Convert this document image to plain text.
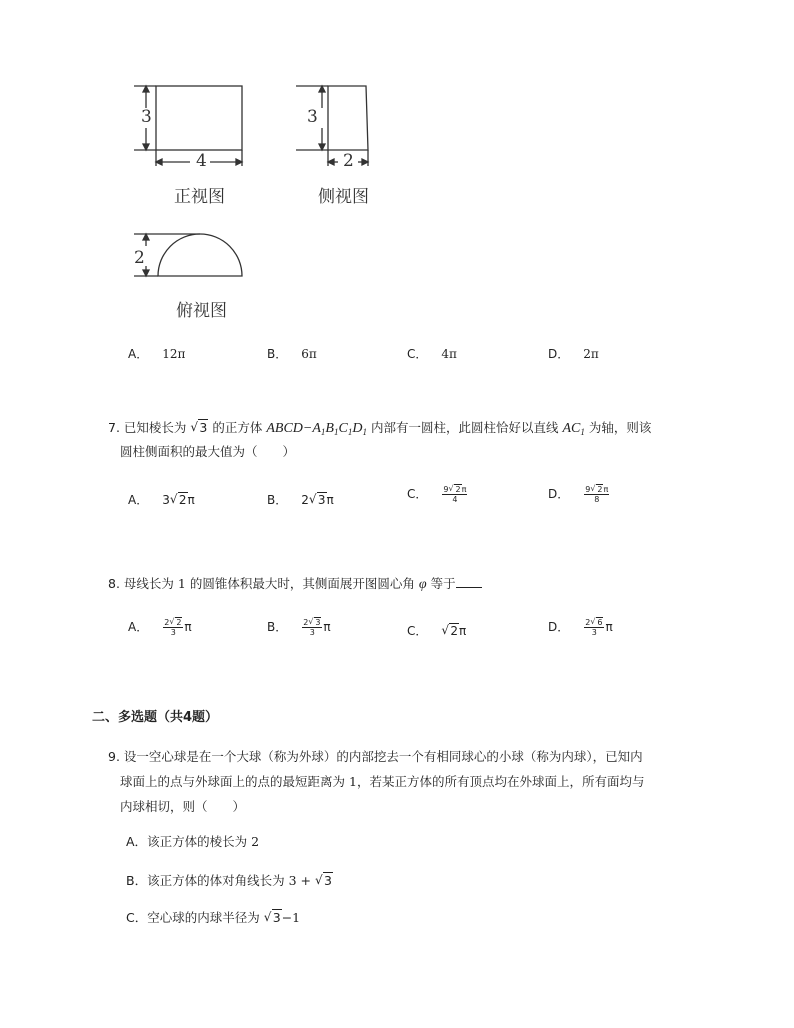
3
4
正视图
3
2
侧视图
2
俯视图
A． 12π	B． 6π	C． 4π	D． 2π
7. 已知棱长为 √ 3 的正方体 $ABCD-A_1B_1C_1D_1$ 内部有一圆柱，此圆柱恰好以直线 $AC_1$ 为轴，则该
圆柱侧面积的最大值为（　　）
A． 3 √ 2π	B． 2 √ 3π	C． $\frac{9 √ 2\pi}{4}$	D． $\frac{9 √ 2\pi}{8}$
8. 母线长为 1 的圆锥体积最大时，其侧面展开图圆心角 φ 等于
A． $\frac{2 √ 2}{3}$ π	B． $\frac{2 √ 3}{3}$ π	C． √ 2π	D． $\frac{2 √ 6}{3}$ π
二、多选题（共4题）
9. 设一空心球是在一个大球（称为外球）的内部挖去一个有相同球心的小球（称为内球），已知内
球面上的点与外球面上的点的最短距离为 1，若某正方体的所有顶点均在外球面上，所有面均与
内球相切，则（　　）
A．该正方体的棱长为 2
B．该正方体的体对角线长为 3 + √ 3
C．空心球的内球半径为 √ 3−1
